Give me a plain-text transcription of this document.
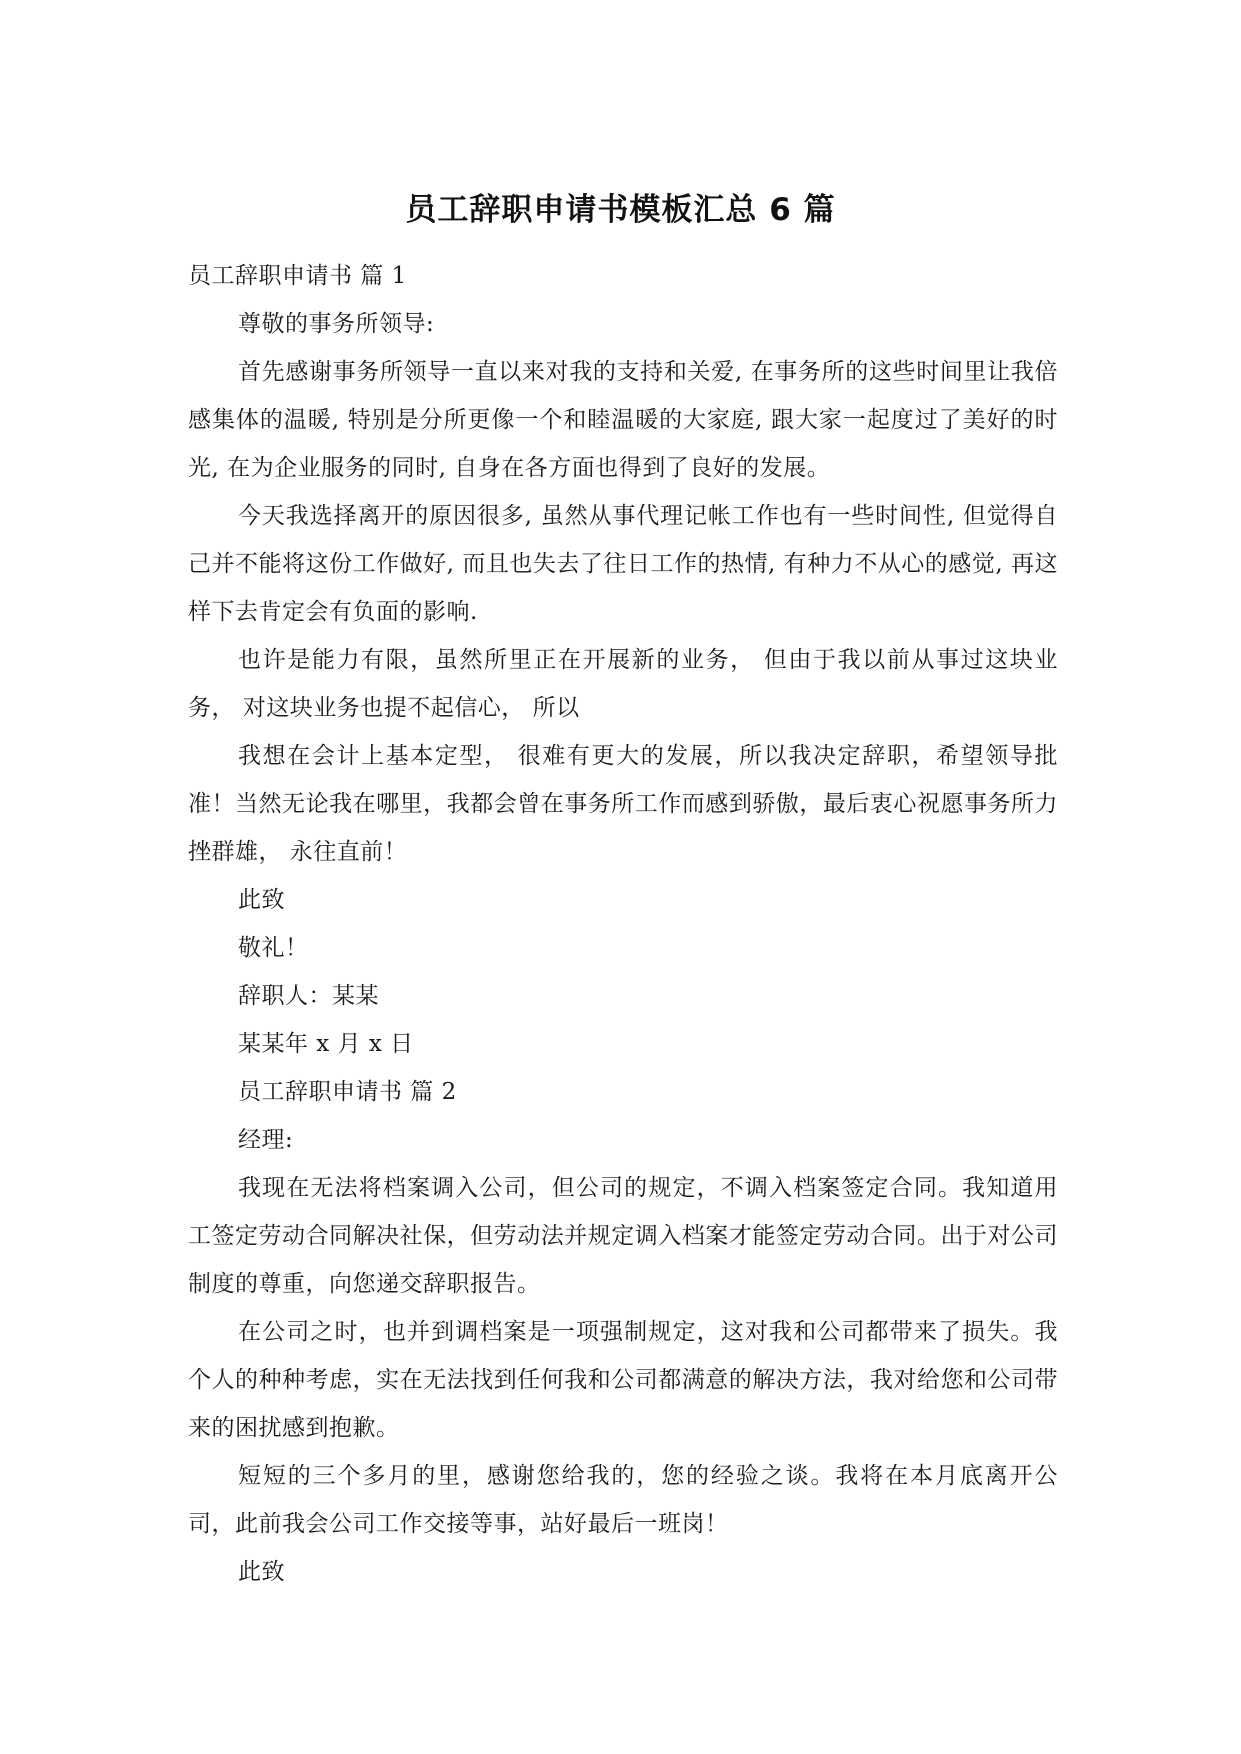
员工辞职申请书模板汇总 6 篇

员工辞职申请书 篇 1

尊敬的事务所领导:

首先感谢事务所领导一直以来对我的支持和关爱, 在事务所的这些时间里让我倍感集体的温暖, 特别是分所更像一个和睦温暖的大家庭, 跟大家一起度过了美好的时光, 在为企业服务的同时, 自身在各方面也得到了良好的发展。

今天我选择离开的原因很多, 虽然从事代理记帐工作也有一些时间性, 但觉得自己并不能将这份工作做好, 而且也失去了往日工作的热情, 有种力不从心的感觉, 再这样下去肯定会有负面的影响.

也许是能力有限，虽然所里正在开展新的业务， 但由于我以前从事过这块业务， 对这块业务也提不起信心， 所以

我想在会计上基本定型， 很难有更大的发展，所以我决定辞职，希望领导批准！当然无论我在哪里，我都会曾在事务所工作而感到骄傲，最后衷心祝愿事务所力挫群雄， 永往直前！

此致

敬礼！

辞职人：某某

某某年 x 月 x 日

员工辞职申请书 篇 2

经理:

我现在无法将档案调入公司，但公司的规定，不调入档案签定合同。我知道用工签定劳动合同解决社保，但劳动法并规定调入档案才能签定劳动合同。出于对公司制度的尊重，向您递交辞职报告。

在公司之时，也并到调档案是一项强制规定，这对我和公司都带来了损失。我个人的种种考虑，实在无法找到任何我和公司都满意的解决方法，我对给您和公司带来的困扰感到抱歉。

短短的三个多月的里，感谢您给我的，您的经验之谈。我将在本月底离开公司，此前我会公司工作交接等事，站好最后一班岗！

此致
